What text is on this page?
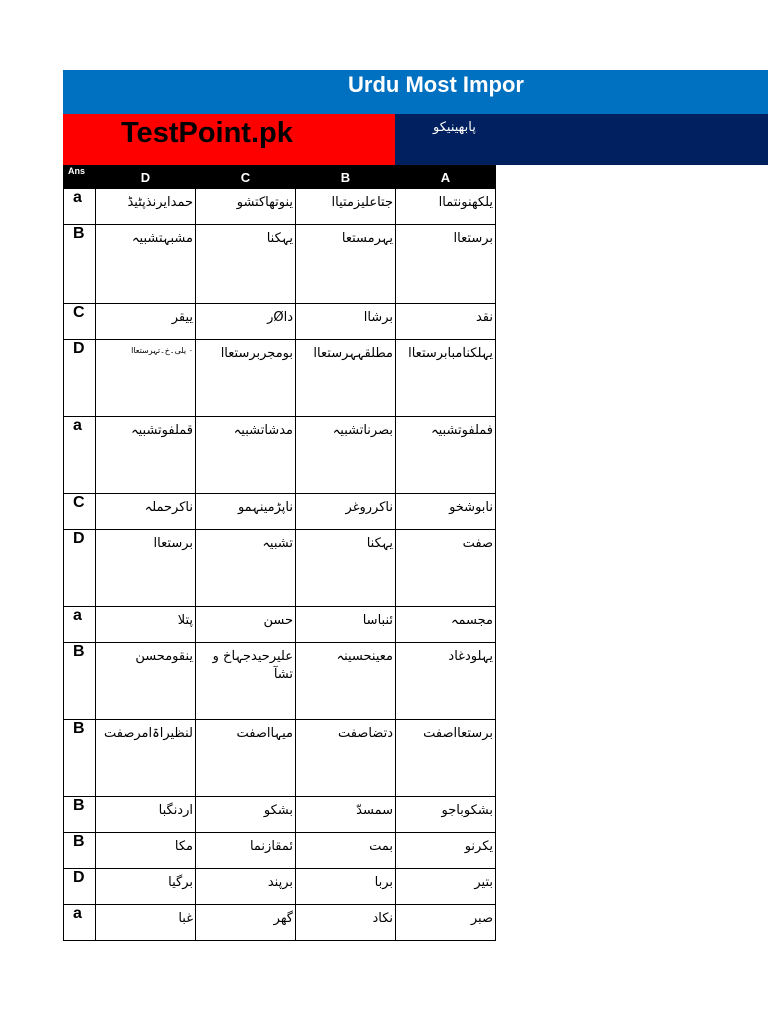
Urdu Most Impor
TestPoint.pk	پابھینیکو
Ans	D	C	B	A
a	حمدایرنذپٹیڈ	ینوتھاکتشو	جتاعلیزمتیاا	یلکھنونتماا
B	مشبہتشبیہ	یہکنا	یہرمستعا	برستعاا
C	ییقر	داØر	برشاا	نقد
D	۰ یلی۔خ۔تہرستعاا	بومجربرستعاا	مطلقہہرستعاا	یہلکنامبابرستعاا
a	قملفوتشبیہ	مدشاتشبیہ	بصرناتشبیہ	فملفوتشبیہ
C	ناکرحملہ	ناپڑمینہمو	ناکرروغر	نابوشخو
D	برستعاا	تشبیہ	یہکنا	صفت
a	پتلا	حسن	ئنباسا	مجسمہ
B	ینقومحسن	علیرحیدجہاخ و تشآ	معینحسینہ	یہلودغاد
B	لنظیراۃامرصفت	میہااصفت	دتضاصفت	برستعااصفت
B	اردنگبا	بشکو	سمسدّ	بشکوباجو
B	مکا	ئمقازنما	بمت	یکرنو
D	برگیا	برپند	بربا	بتیر
a	غبا	گھر	نکاد	صبر
